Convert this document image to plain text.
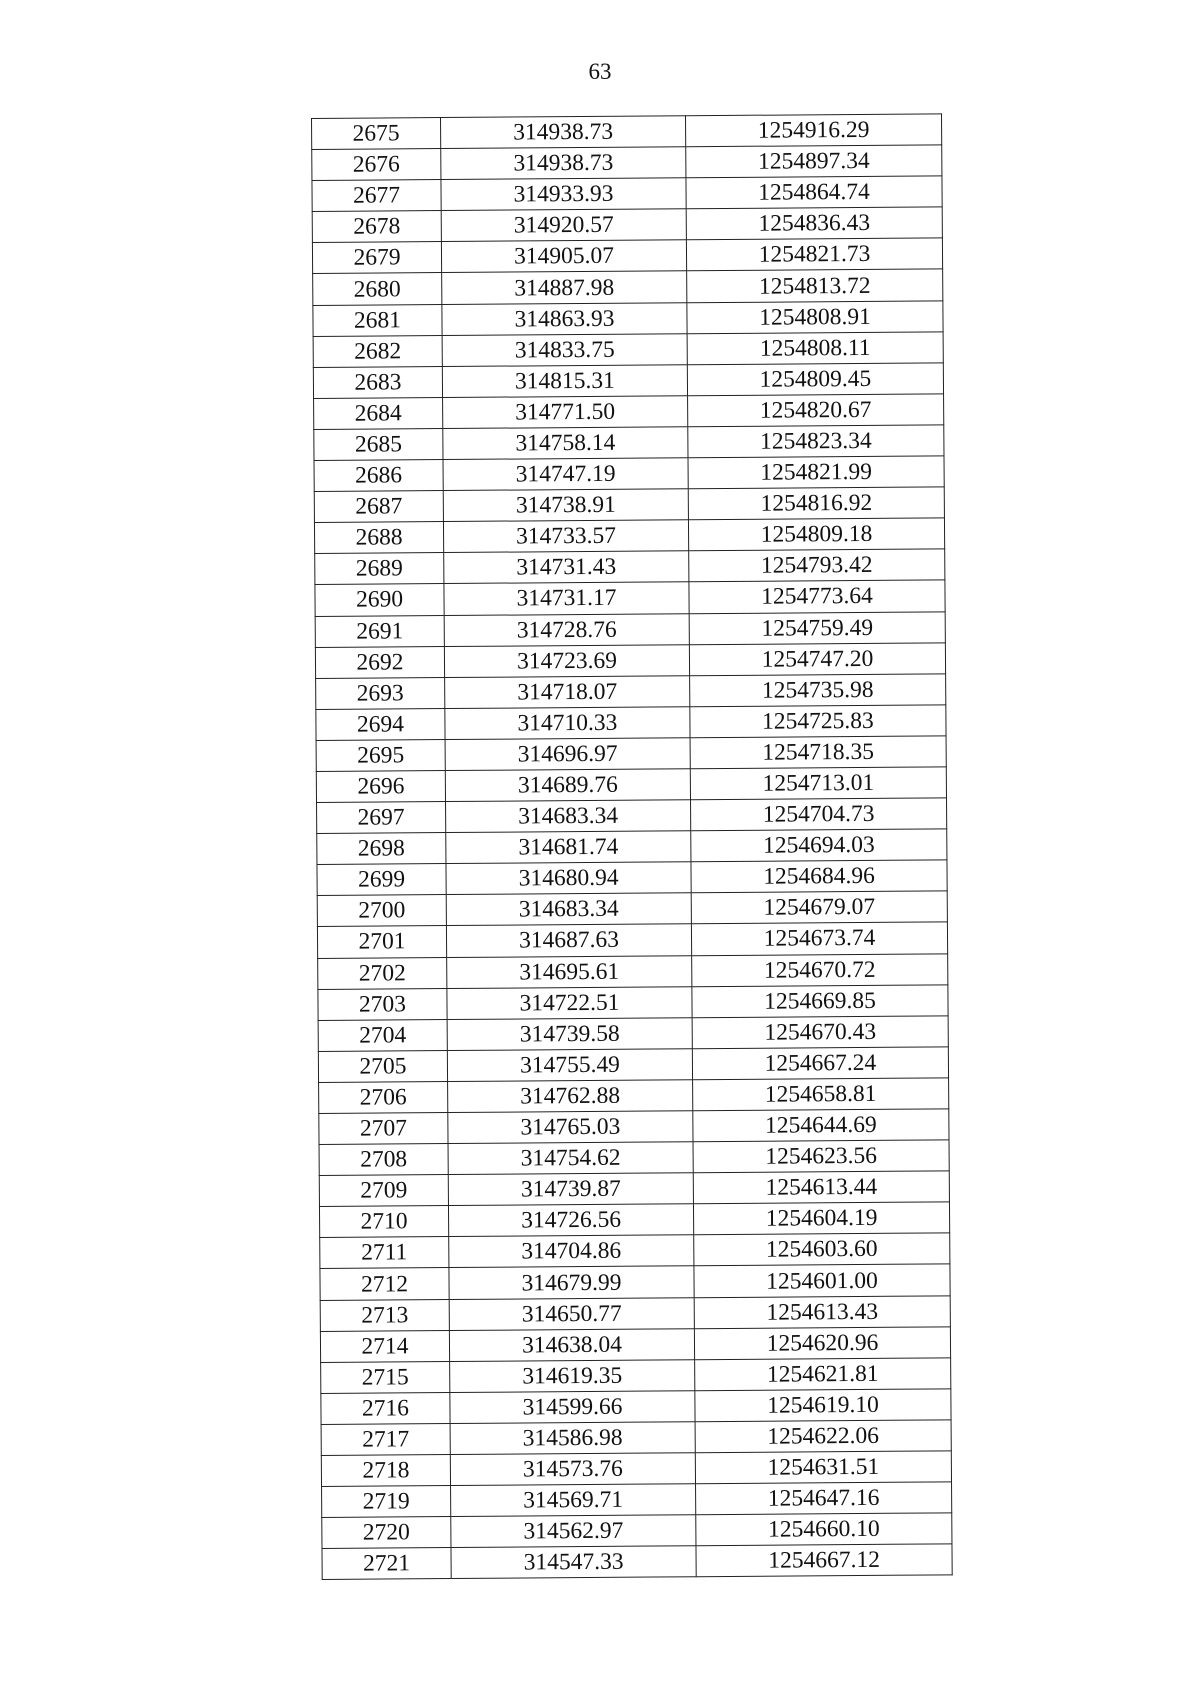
63
2675	314938.73	1254916.29
2676	314938.73	1254897.34
2677	314933.93	1254864.74
2678	314920.57	1254836.43
2679	314905.07	1254821.73
2680	314887.98	1254813.72
2681	314863.93	1254808.91
2682	314833.75	1254808.11
2683	314815.31	1254809.45
2684	314771.50	1254820.67
2685	314758.14	1254823.34
2686	314747.19	1254821.99
2687	314738.91	1254816.92
2688	314733.57	1254809.18
2689	314731.43	1254793.42
2690	314731.17	1254773.64
2691	314728.76	1254759.49
2692	314723.69	1254747.20
2693	314718.07	1254735.98
2694	314710.33	1254725.83
2695	314696.97	1254718.35
2696	314689.76	1254713.01
2697	314683.34	1254704.73
2698	314681.74	1254694.03
2699	314680.94	1254684.96
2700	314683.34	1254679.07
2701	314687.63	1254673.74
2702	314695.61	1254670.72
2703	314722.51	1254669.85
2704	314739.58	1254670.43
2705	314755.49	1254667.24
2706	314762.88	1254658.81
2707	314765.03	1254644.69
2708	314754.62	1254623.56
2709	314739.87	1254613.44
2710	314726.56	1254604.19
2711	314704.86	1254603.60
2712	314679.99	1254601.00
2713	314650.77	1254613.43
2714	314638.04	1254620.96
2715	314619.35	1254621.81
2716	314599.66	1254619.10
2717	314586.98	1254622.06
2718	314573.76	1254631.51
2719	314569.71	1254647.16
2720	314562.97	1254660.10
2721	314547.33	1254667.12
